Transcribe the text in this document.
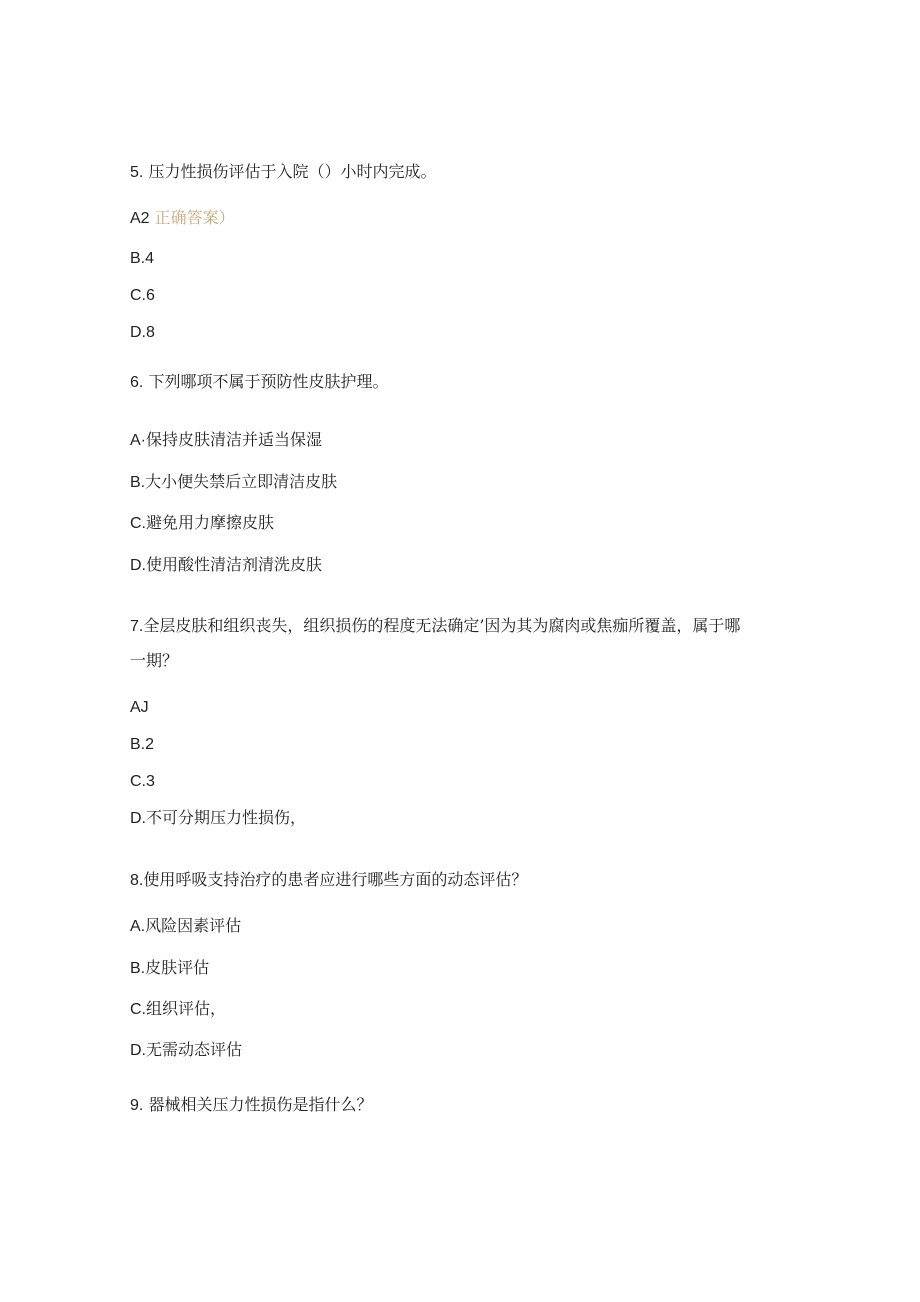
5. 压力性损伤评估于入院（）小时内完成。
A2 正确答案）
B.4
C.6
D.8
6. 下列哪项不属于预防性皮肤护理。
A·保持皮肤清洁并适当保湿
B.大小便失禁后立即清洁皮肤
C.避免用力摩擦皮肤
D.使用酸性清洁剂清洗皮肤
7.全层皮肤和组织丧失，组织损伤的程度无法确定’因为其为腐肉或焦痂所覆盖，属于哪
一期？
AJ
B.2
C.3
D.不可分期压力性损伤，
8.使用呼吸支持治疗的患者应进行哪些方面的动态评估？
A.风险因素评估
B.皮肤评估
C.组织评估，
D.无需动态评估
9. 器械相关压力性损伤是指什么？
